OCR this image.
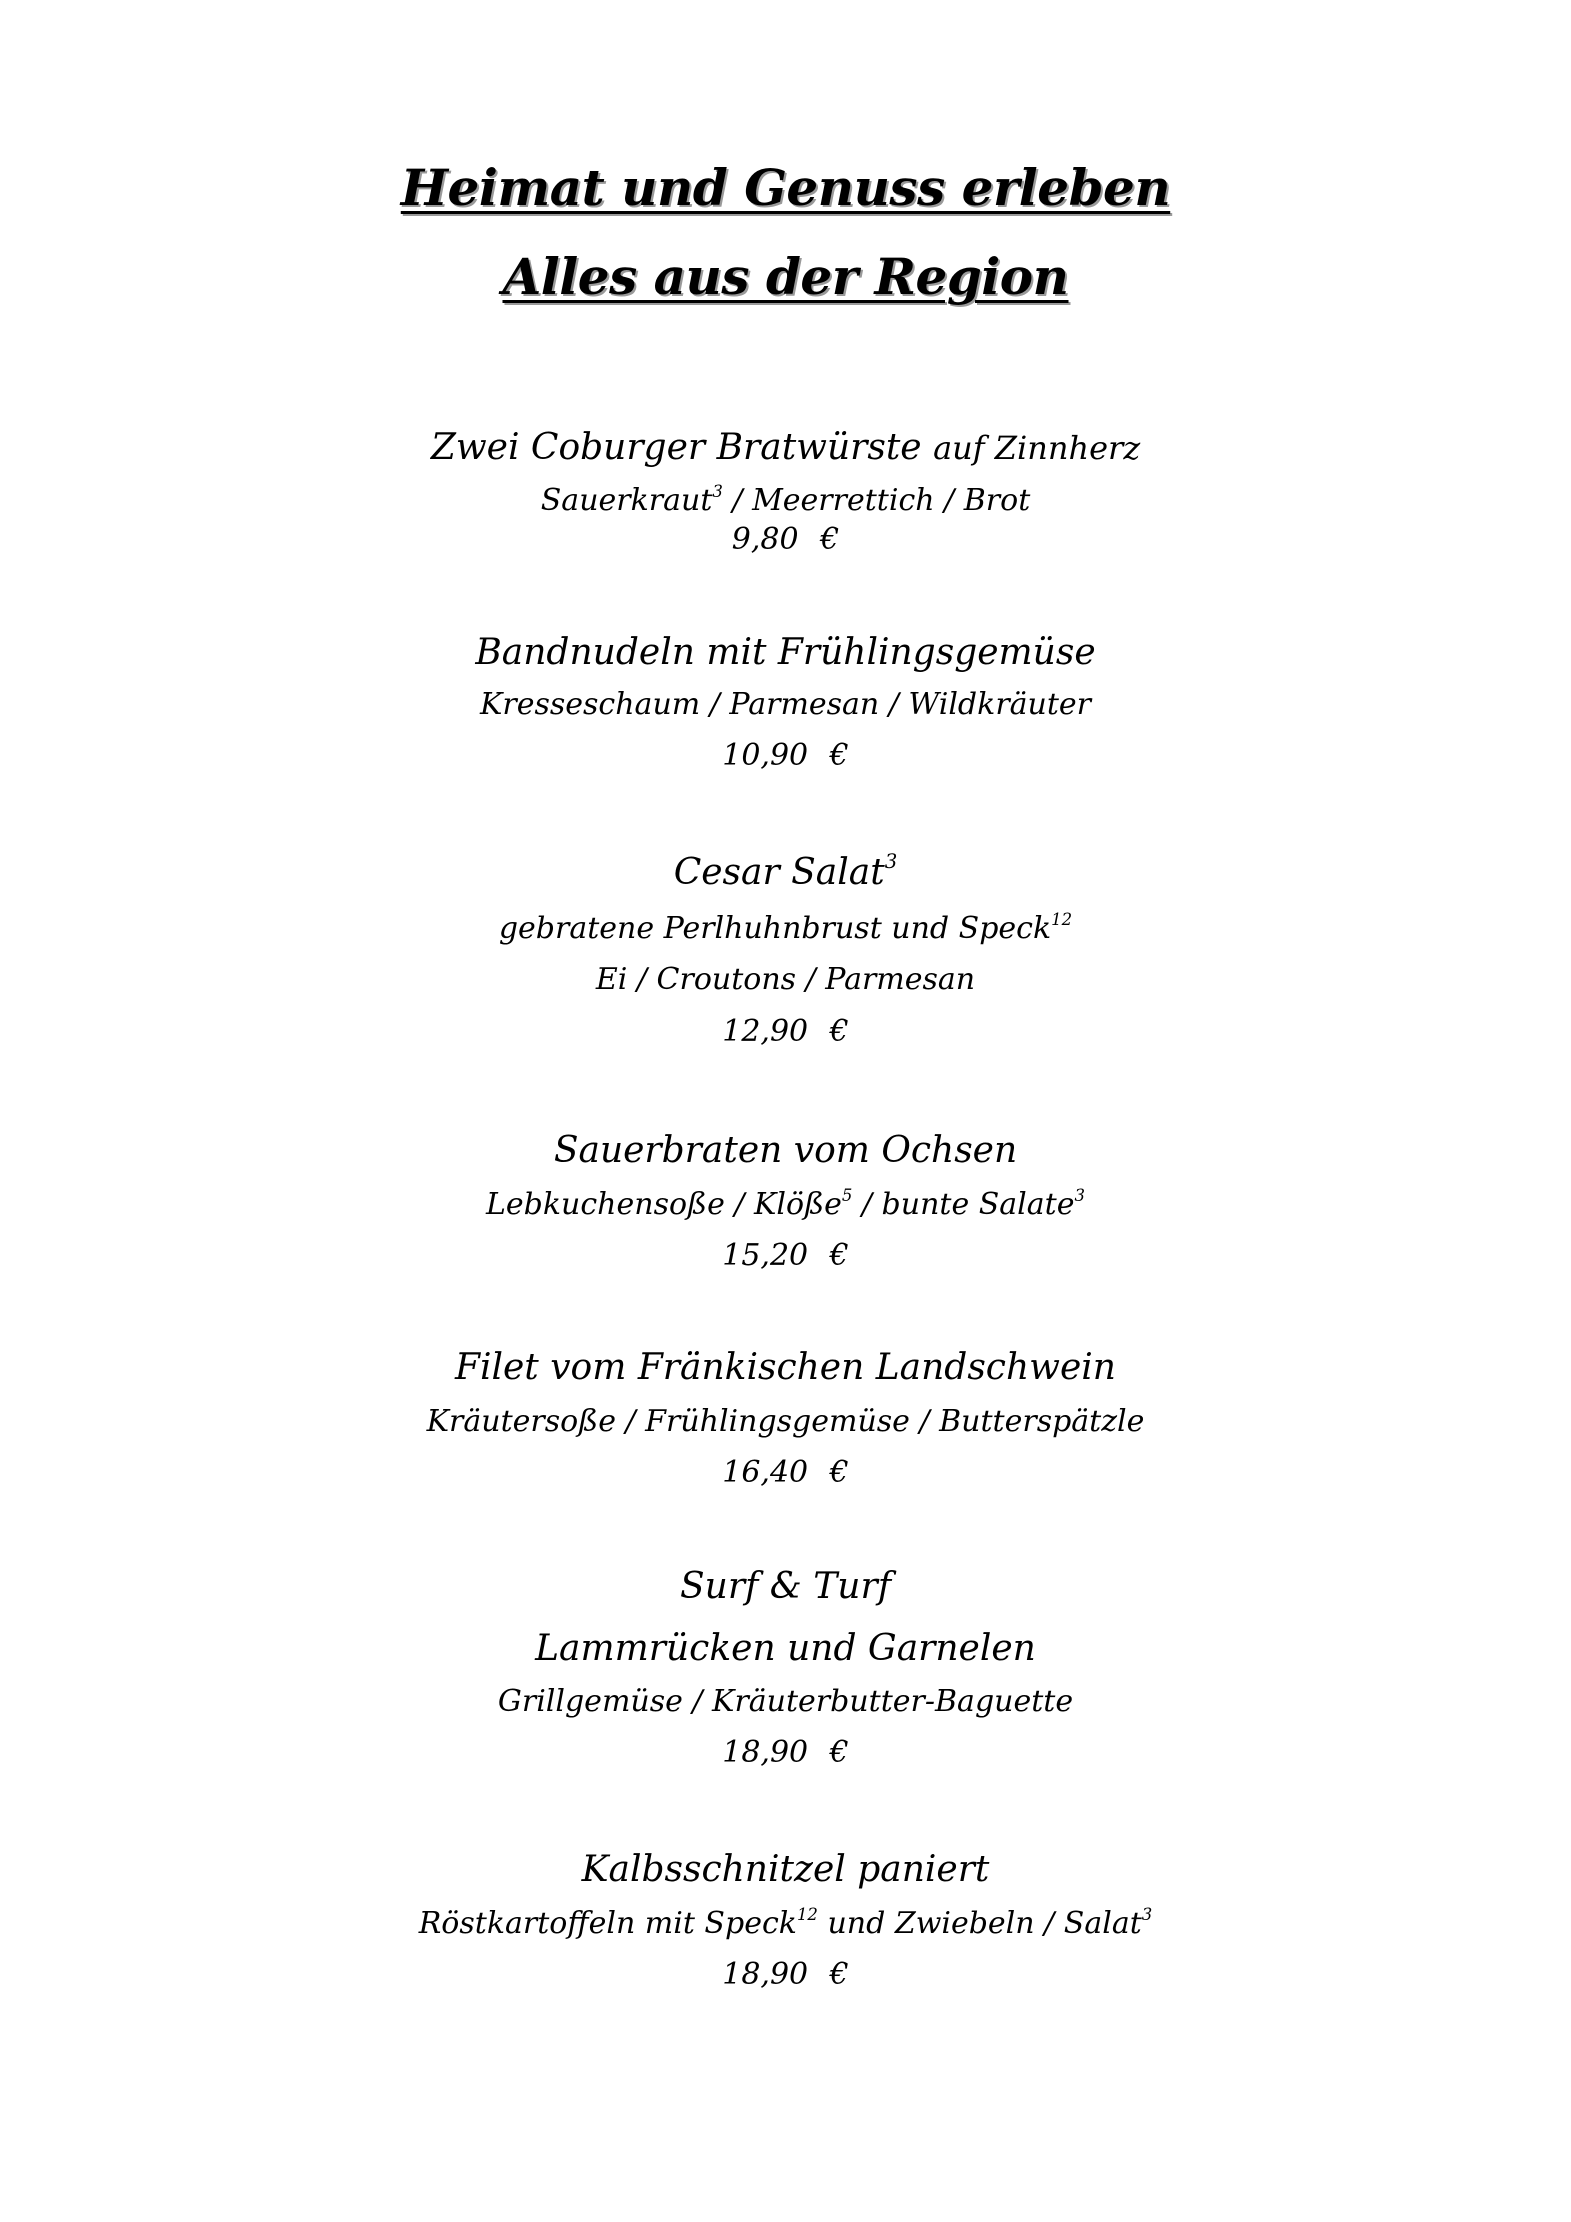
Heimat und Genuss erleben
Alles aus der Region
Zwei Coburger Bratwürste auf Zinnherz
Sauerkraut$^3$ / Meerrettich / Brot
9,80 €
Bandnudeln mit Frühlingsgemüse
Kresseschaum / Parmesan / Wildkräuter
10,90 €
Cesar Salat$^3$
gebratene Perlhuhnbrust und Speck$^{12}$
Ei / Croutons / Parmesan
12,90 €
Sauerbraten vom Ochsen
Lebkuchensoße / Klöße$^5$ / bunte Salate$^3$
15,20 €
Filet vom Fränkischen Landschwein
Kräutersoße / Frühlingsgemüse / Butterspätzle
16,40 €
Surf & Turf
Lammrücken und Garnelen
Grillgemüse / Kräuterbutter-Baguette
18,90 €
Kalbsschnitzel paniert
Röstkartoffeln mit Speck$^{12}$ und Zwiebeln / Salat$^3$
18,90 €
